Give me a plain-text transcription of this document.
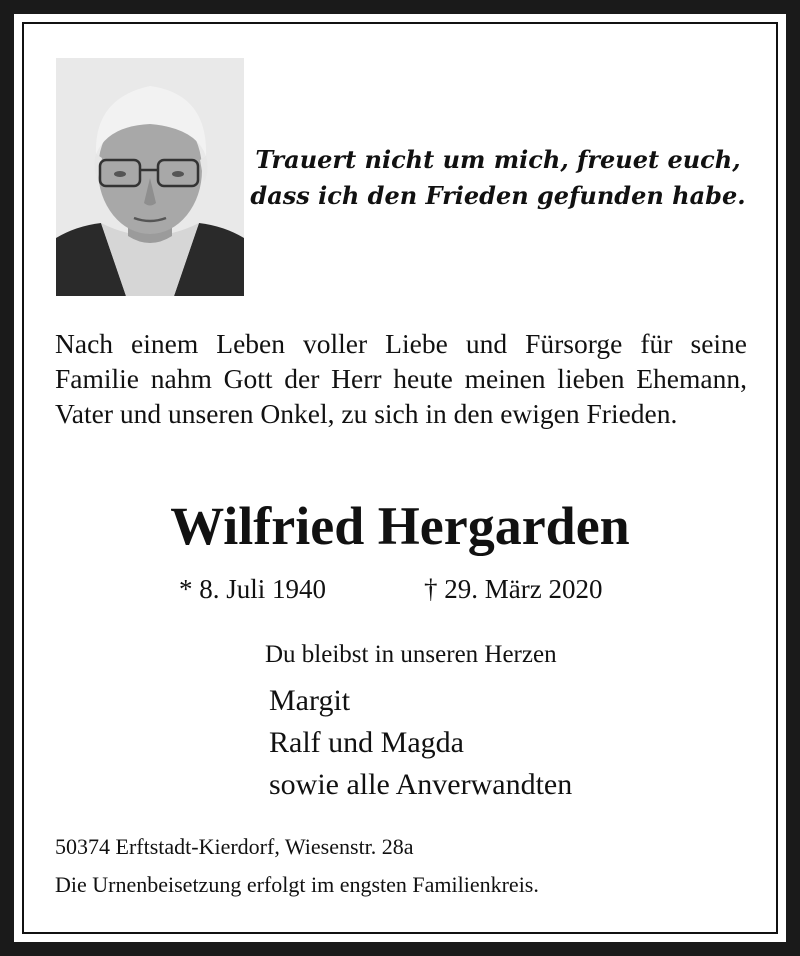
Trauert nicht um mich, freuet euch,
dass ich den Frieden gefunden habe.
Nach einem Leben voller Liebe und Fürsorge für seine Familie nahm Gott der Herr heute meinen lieben Ehemann, Vater und unseren Onkel, zu sich in den ewigen Frieden.
Wilfried Hergarden
* 8. Juli 1940	† 29. März 2020
Du bleibst in unseren Herzen
Margit
Ralf und Magda
sowie alle Anverwandten
50374 Erftstadt-Kierdorf, Wiesenstr. 28a
Die Urnenbeisetzung erfolgt im engsten Familienkreis.
